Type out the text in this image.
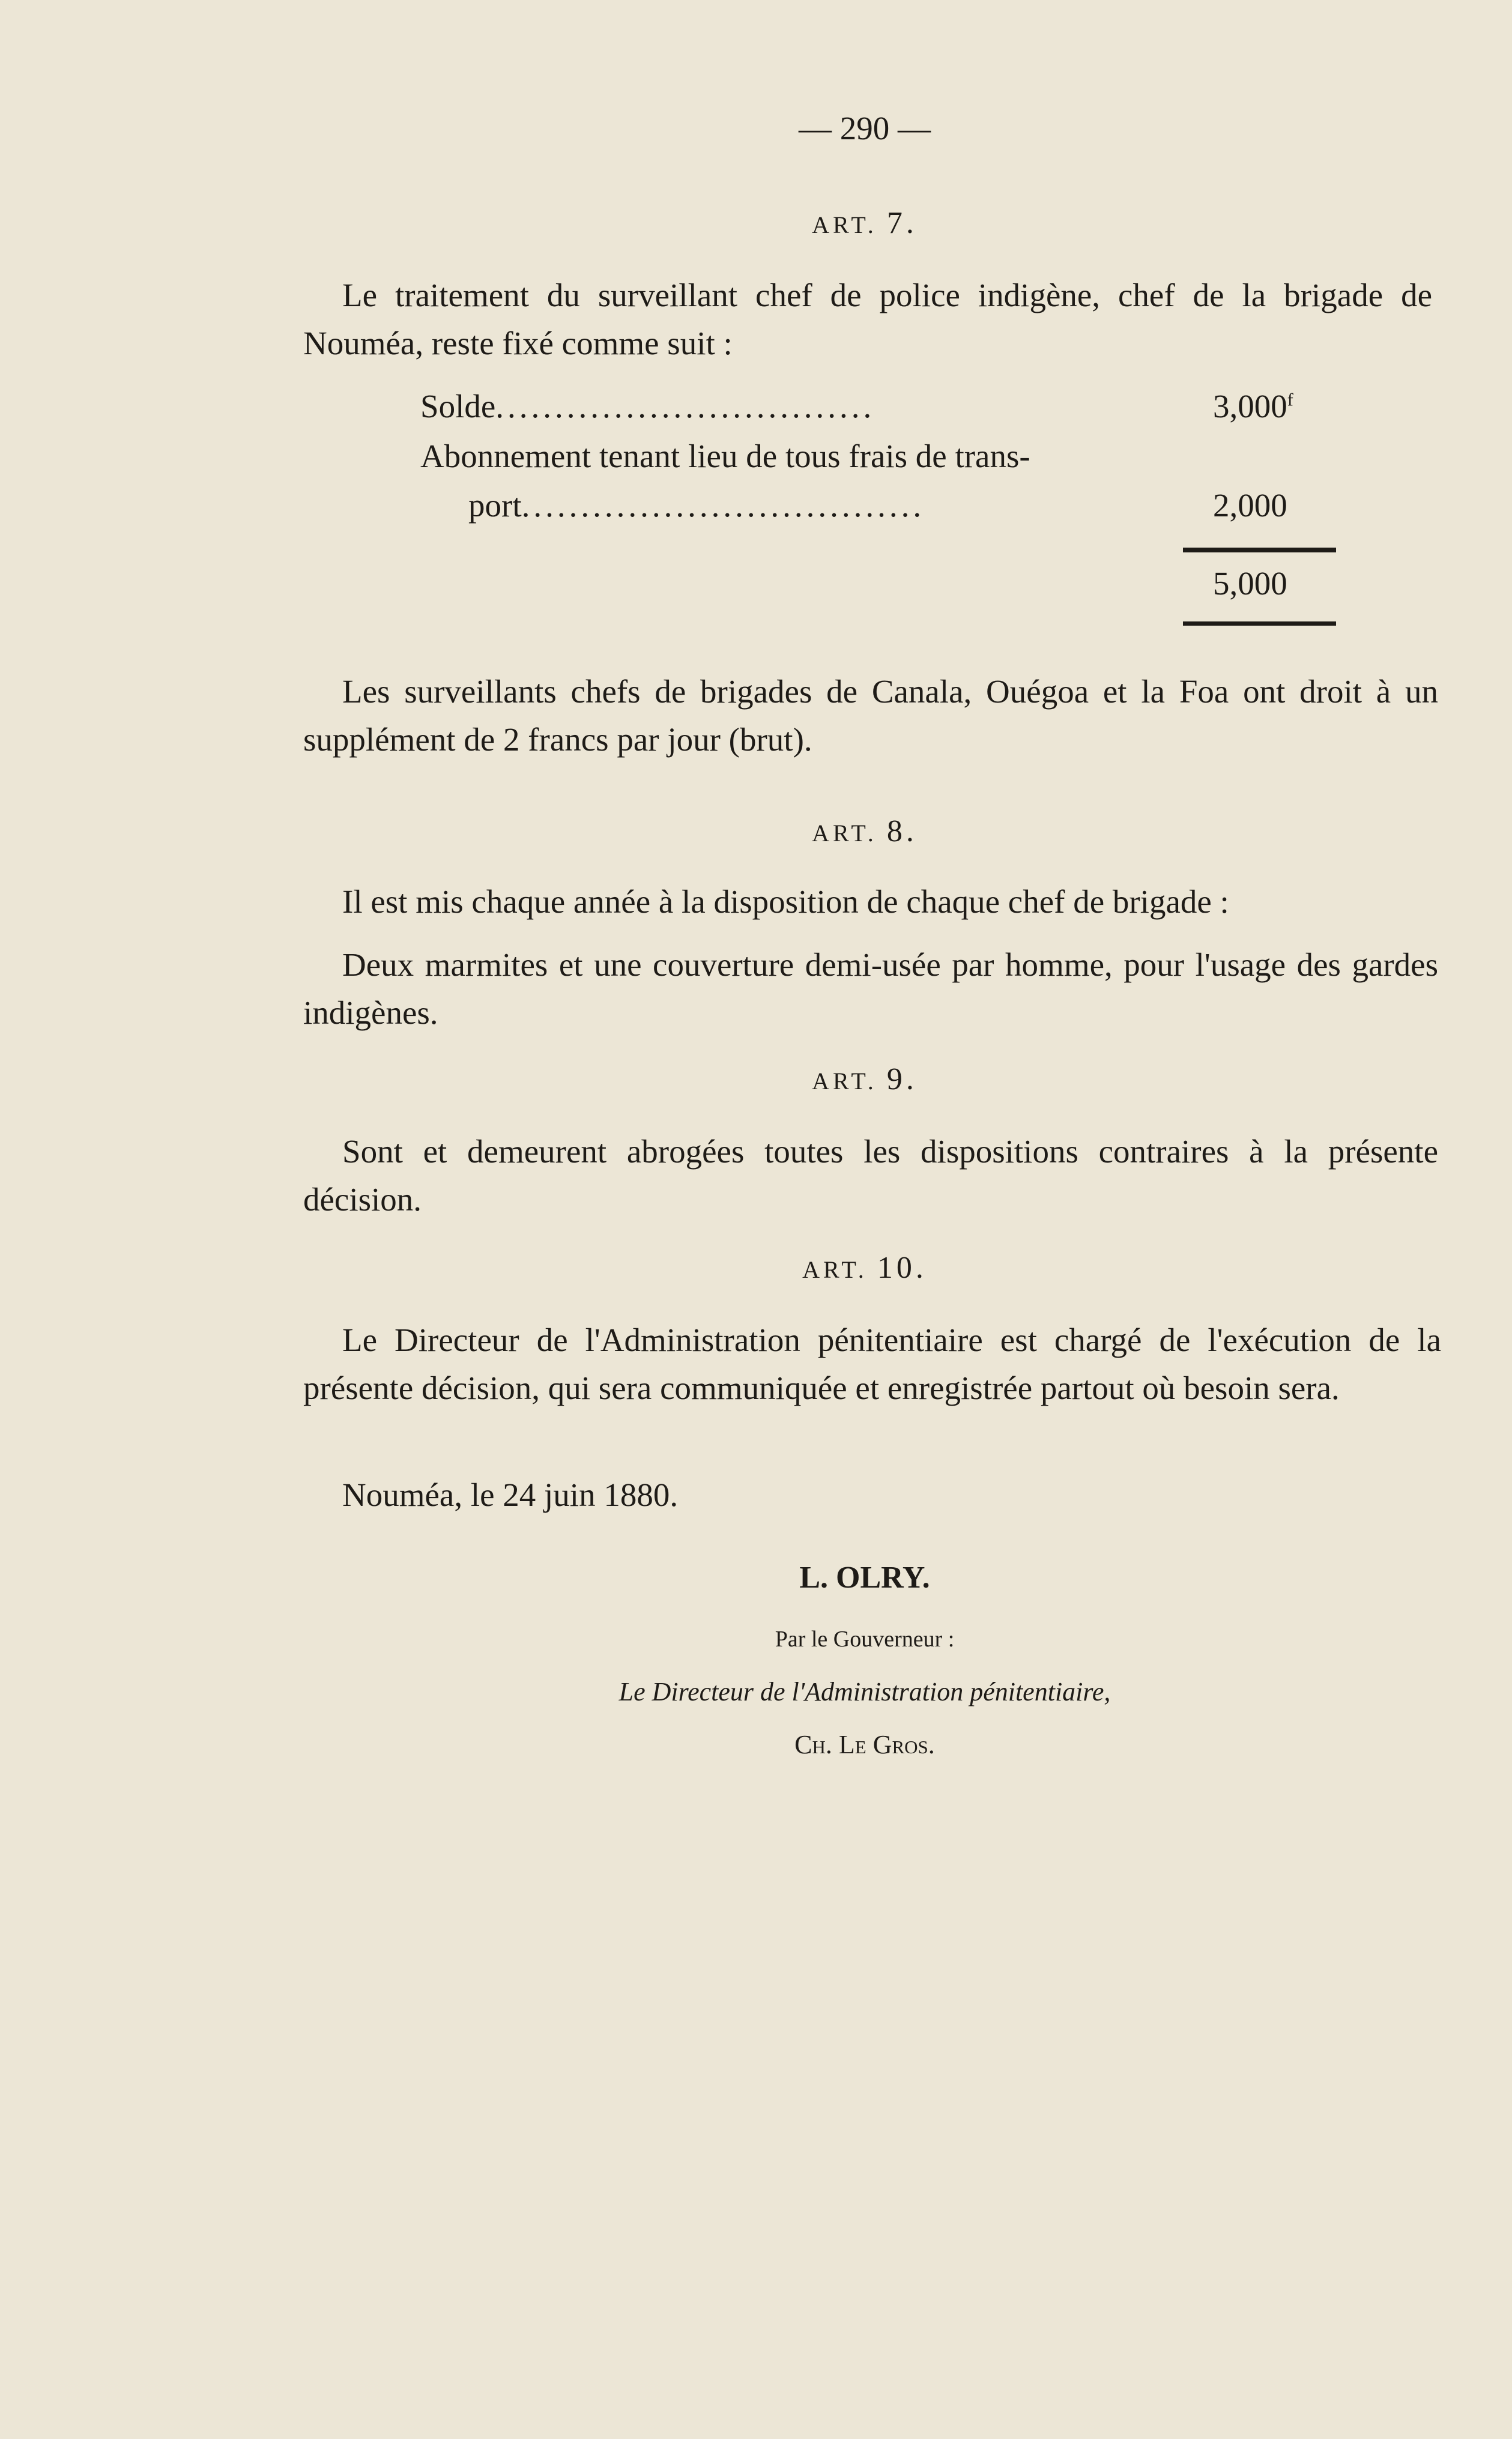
— 290 —
ART. 7.
Le traitement du surveillant chef de police indigène, chef de la brigade de Nouméa, reste fixé comme suit :
Solde................................	3,000$^f$
Abonnement tenant lieu de tous frais de trans-
port..................................	2,000
5,000
Les surveillants chefs de brigades de Canala, Ouégoa et la Foa ont droit à un supplément de 2 francs par jour (brut).
ART. 8.
Il est mis chaque année à la disposition de chaque chef de brigade :
Deux marmites et une couverture demi-usée par homme, pour l'usage des gardes indigènes.
ART. 9.
Sont et demeurent abrogées toutes les dispositions contraires à la présente décision.
ART. 10.
Le Directeur de l'Administration pénitentiaire est chargé de l'exécution de la présente décision, qui sera communiquée et enregistrée partout où besoin sera.
Nouméa, le 24 juin 1880.
L. OLRY.
Par le Gouverneur :
Le Directeur de l'Administration pénitentiaire,
Ch. Le Gros.
